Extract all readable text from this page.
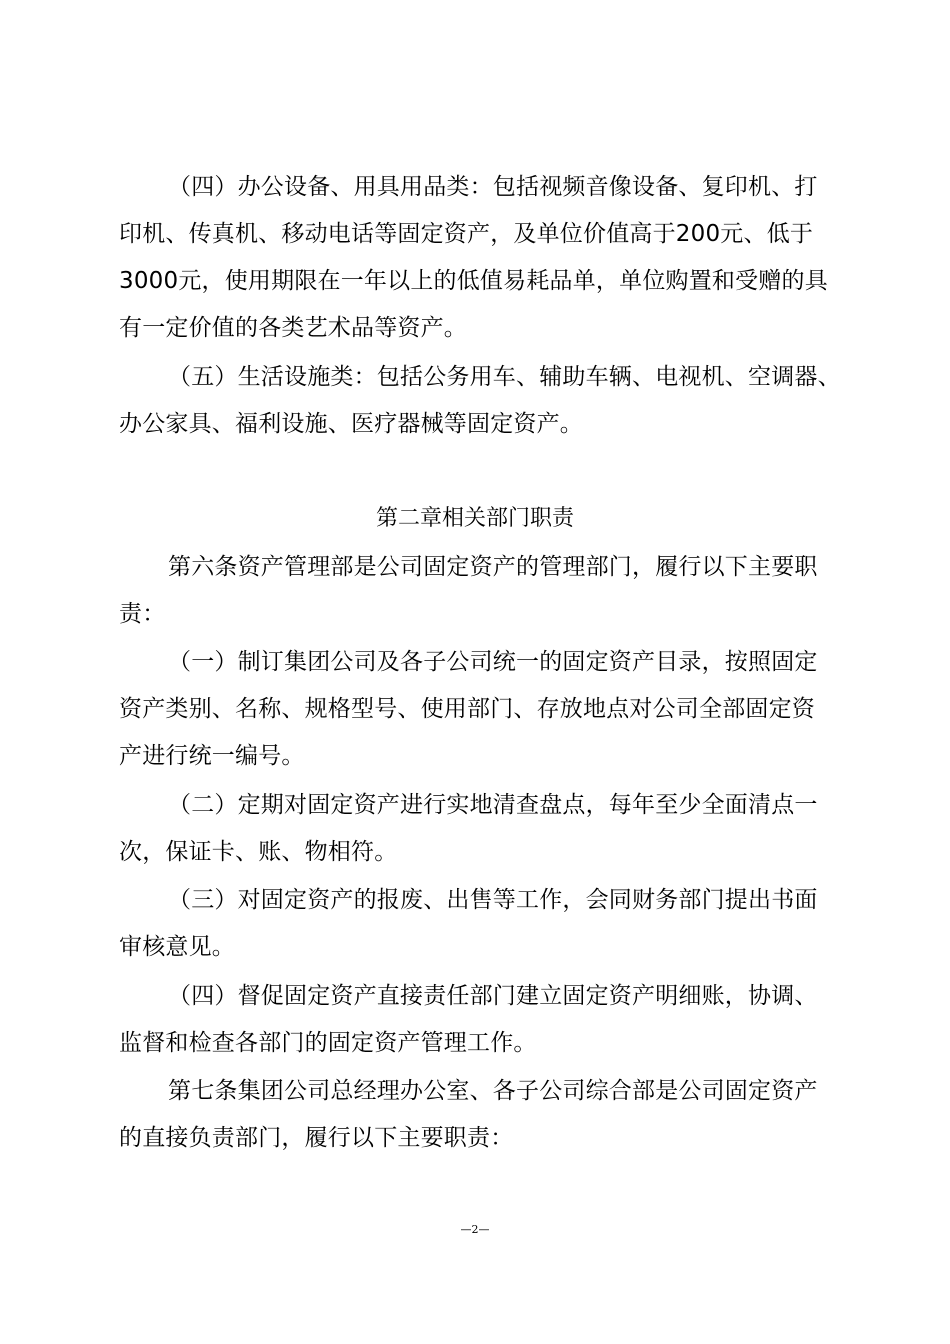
（四）办公设备、用具用品类：包括视频音像设备、复印机、打
印机、传真机、移动电话等固定资产，及单位价值高于200元、低于
3000元，使用期限在一年以上的低值易耗品单，单位购置和受赠的具
有一定价值的各类艺术品等资产。
（五）生活设施类：包括公务用车、辅助车辆、电视机、空调器、
办公家具、福利设施、医疗器械等固定资产。
第二章相关部门职责
第六条资产管理部是公司固定资产的管理部门，履行以下主要职
责：
（一）制订集团公司及各子公司统一的固定资产目录，按照固定
资产类别、名称、规格型号、使用部门、存放地点对公司全部固定资
产进行统一编号。
（二）定期对固定资产进行实地清查盘点，每年至少全面清点一
次，保证卡、账、物相符。
（三）对固定资产的报废、出售等工作，会同财务部门提出书面
审核意见。
（四）督促固定资产直接责任部门建立固定资产明细账，协调、
监督和检查各部门的固定资产管理工作。
第七条集团公司总经理办公室、各子公司综合部是公司固定资产
的直接负责部门，履行以下主要职责：
—2—
